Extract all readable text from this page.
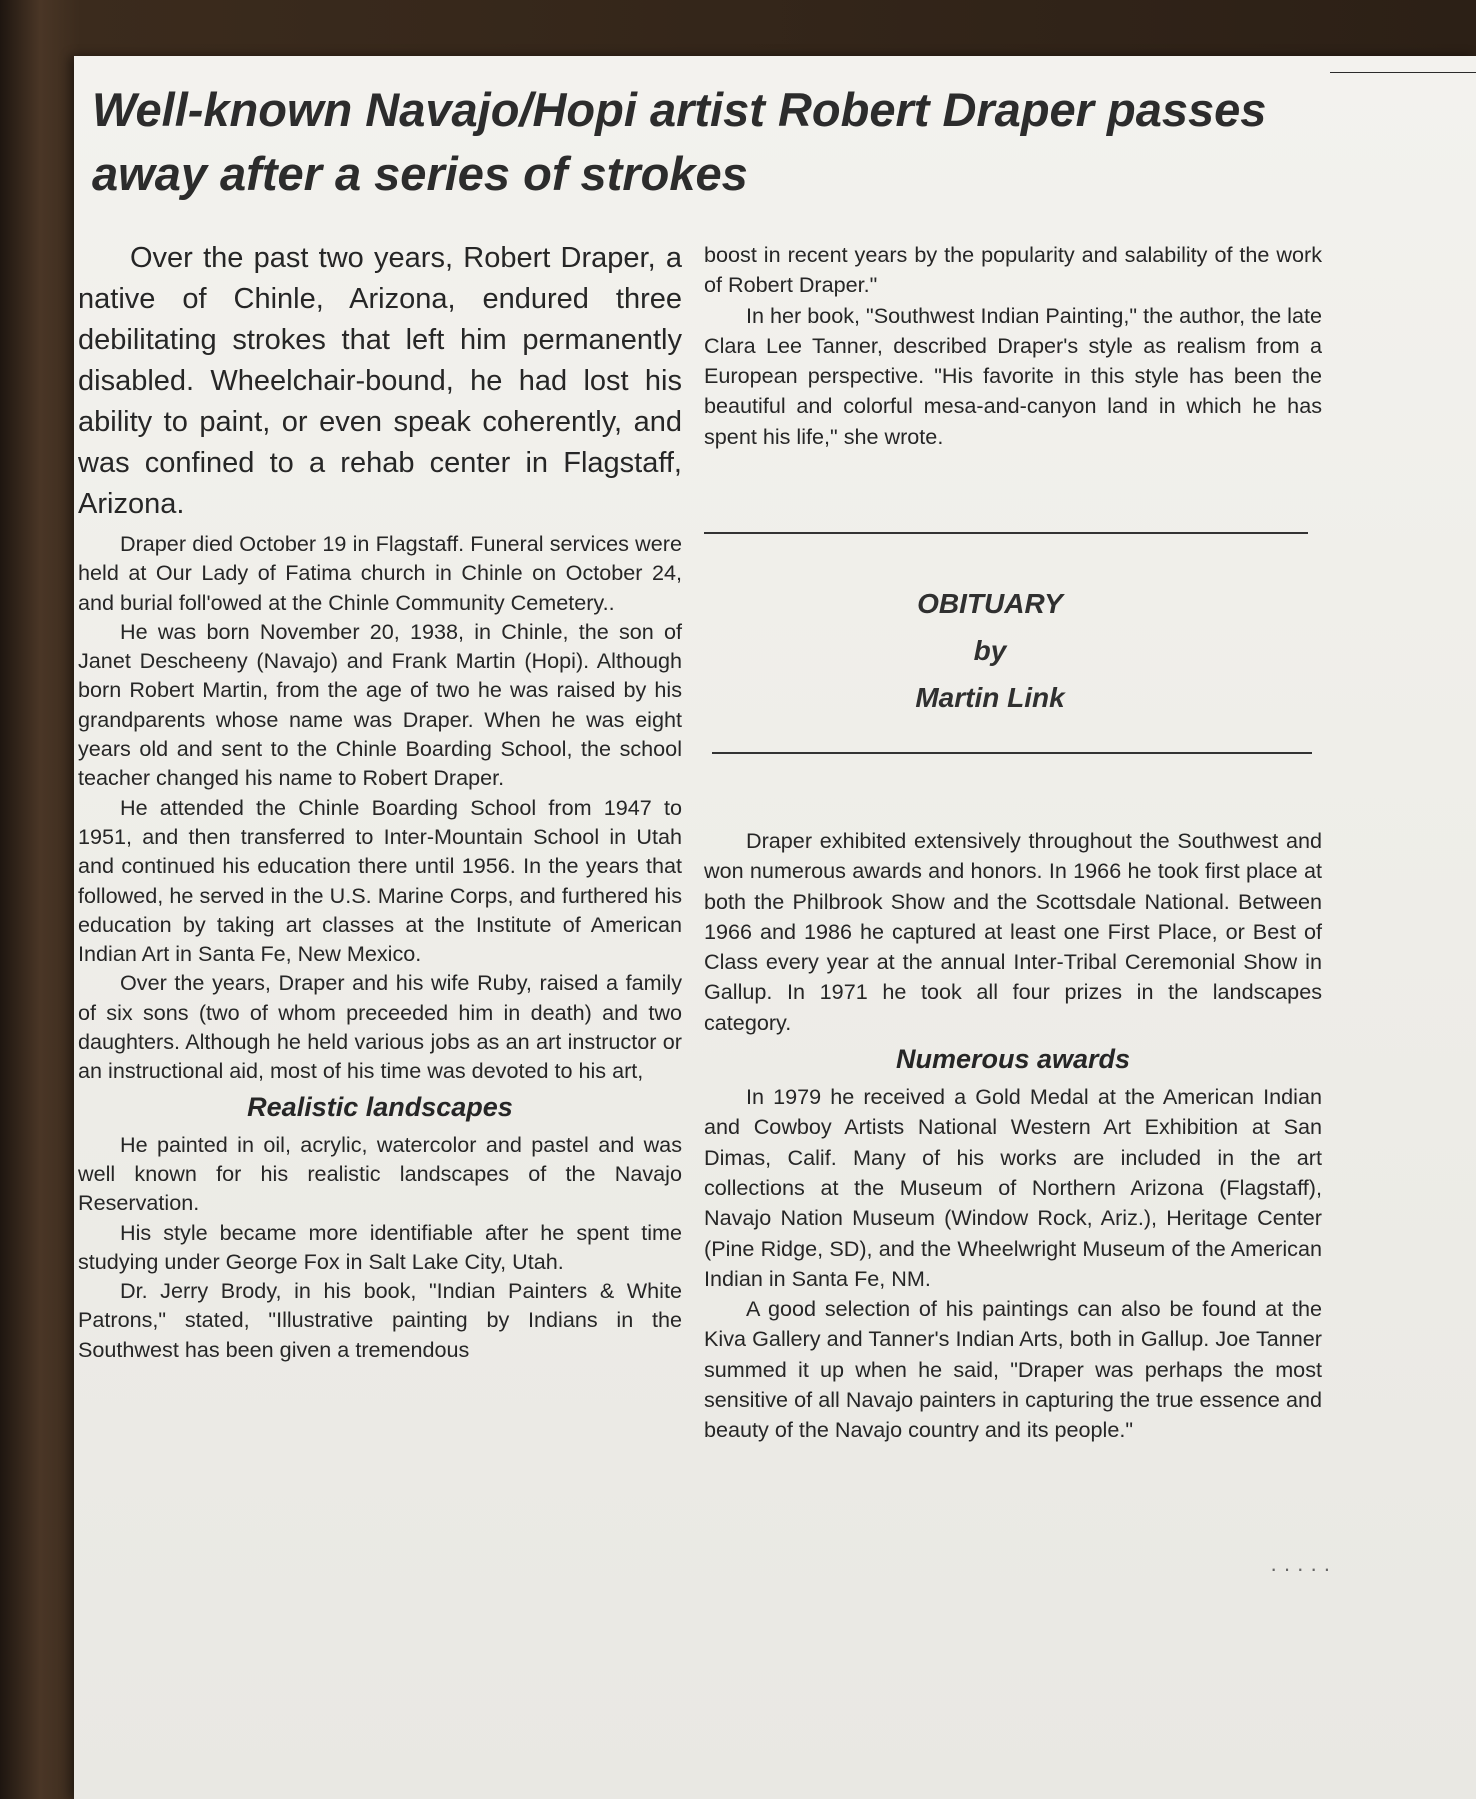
Well-known Navajo/Hopi artist Robert Draper passes away after a series of strokes

Over the past two years, Robert Draper, a native of Chinle, Arizona, endured three debilitating strokes that left him permanently disabled. Wheelchair-bound, he had lost his ability to paint, or even speak coherently, and was confined to a rehab center in Flagstaff, Arizona.

Draper died October 19 in Flagstaff. Funeral services were held at Our Lady of Fatima church in Chinle on October 24, and burial foll'owed at the Chinle Community Cemetery..

He was born November 20, 1938, in Chinle, the son of Janet Descheeny (Navajo) and Frank Martin (Hopi). Although born Robert Martin, from the age of two he was raised by his grandparents whose name was Draper. When he was eight years old and sent to the Chinle Boarding School, the school teacher changed his name to Robert Draper.

He attended the Chinle Boarding School from 1947 to 1951, and then transferred to Inter-Mountain School in Utah and continued his education there until 1956. In the years that followed, he served in the U.S. Marine Corps, and furthered his education by taking art classes at the Institute of American Indian Art in Santa Fe, New Mexico.

Over the years, Draper and his wife Ruby, raised a family of six sons (two of whom preceeded him in death) and two daughters. Although he held various jobs as an art instructor or an instructional aid, most of his time was devoted to his art,

Realistic landscapes

He painted in oil, acrylic, watercolor and pastel and was well known for his realistic landscapes of the Navajo Reservation.

His style became more identifiable after he spent time studying under George Fox in Salt Lake City, Utah.

Dr. Jerry Brody, in his book, "Indian Painters & White Patrons," stated, "Illustrative painting by Indians in the Southwest has been given a tremendous

boost in recent years by the popularity and salability of the work of Robert Draper."

In her book, "Southwest Indian Painting," the author, the late Clara Lee Tanner, described Draper's style as realism from a European perspective. "His favorite in this style has been the beautiful and colorful mesa-and-canyon land in which he has spent his life," she wrote.

OBITUARY
by
Martin Link

Draper exhibited extensively throughout the Southwest and won numerous awards and honors. In 1966 he took first place at both the Philbrook Show and the Scottsdale National. Between 1966 and 1986 he captured at least one First Place, or Best of Class every year at the annual Inter-Tribal Ceremonial Show in Gallup. In 1971 he took all four prizes in the landscapes category.

Numerous awards

In 1979 he received a Gold Medal at the American Indian and Cowboy Artists National Western Art Exhibition at San Dimas, Calif. Many of his works are included in the art collections at the Museum of Northern Arizona (Flagstaff), Navajo Nation Museum (Window Rock, Ariz.), Heritage Center (Pine Ridge, SD), and the Wheelwright Museum of the American Indian in Santa Fe, NM.

A good selection of his paintings can also be found at the Kiva Gallery and Tanner's Indian Arts, both in Gallup. Joe Tanner summed it up when he said, "Draper was perhaps the most sensitive of all Navajo painters in capturing the true essence and beauty of the Navajo country and its people."

·····
